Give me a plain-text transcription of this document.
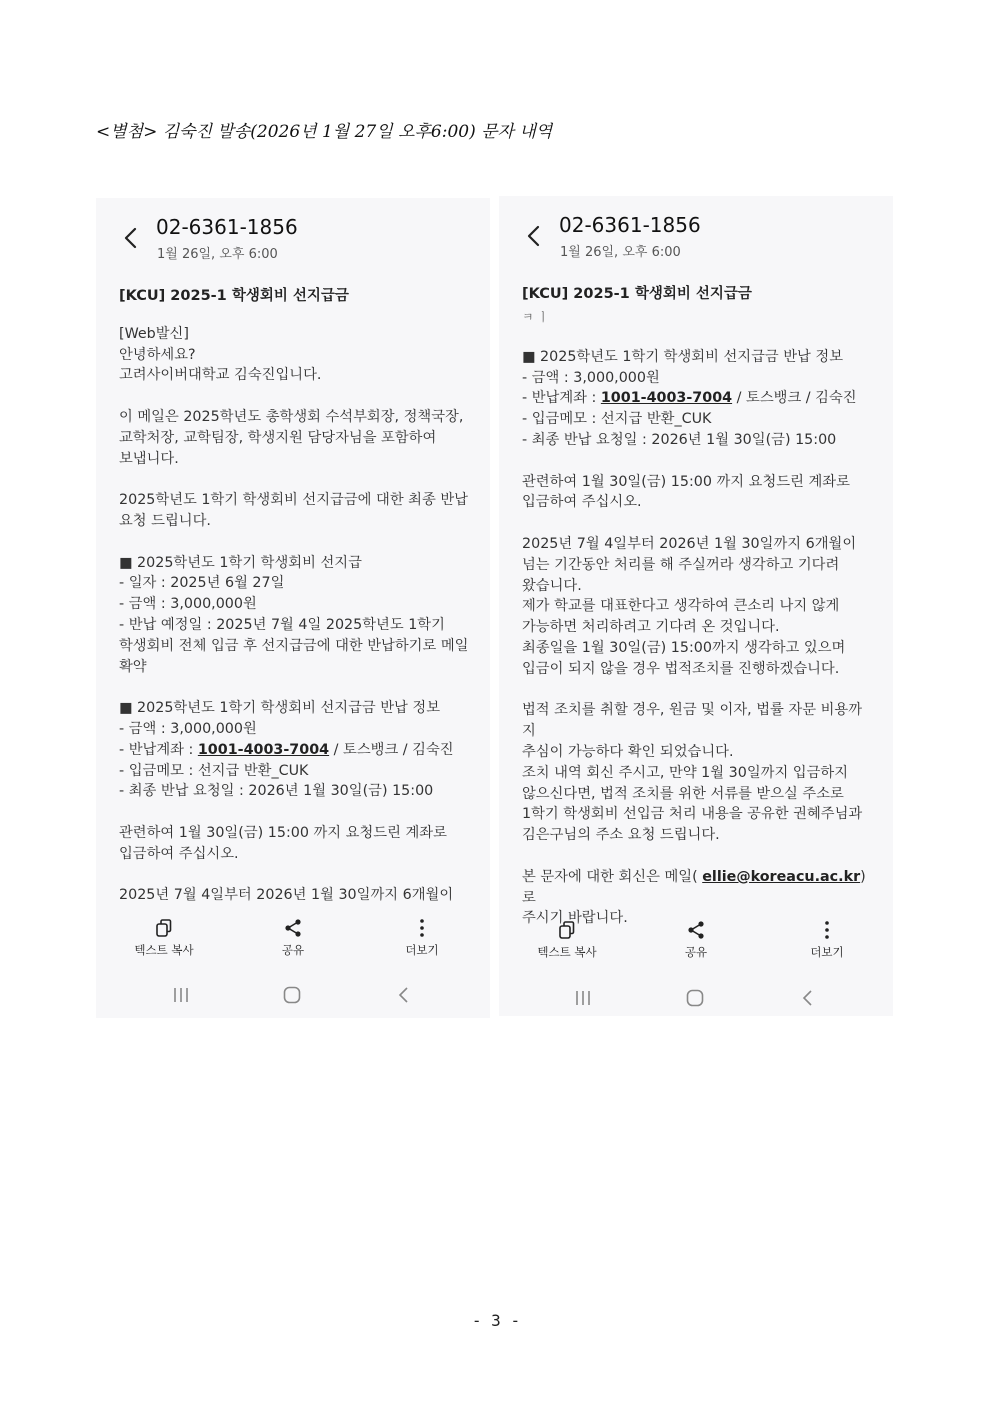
<별첨> 김숙진 발송(2026년 1월 27일 오후6:00) 문자 내역
02-6361-1856
1월 26일, 오후 6:00
[KCU] 2025-1 학생회비 선지급금
[Web발신]
안녕하세요?
고려사이버대학교 김숙진입니다.
이 메일은 2025학년도 총학생회 수석부회장, 정책국장,
교학처장, 교학팀장, 학생지원 담당자님을 포함하여
보냅니다.
2025학년도 1학기 학생회비 선지급금에 대한 최종 반납
요청 드립니다.
■ 2025학년도 1학기 학생회비 선지급
- 일자 : 2025년 6월 27일
- 금액 : 3,000,000원
- 반납 예정일 : 2025년 7월 4일 2025학년도 1학기
학생회비 전체 입금 후 선지급금에 대한 반납하기로 메일
확약
■ 2025학년도 1학기 학생회비 선지급금 반납 정보
- 금액 : 3,000,000원
- 반납계좌 : 1001-4003-7004 / 토스뱅크 / 김숙진
- 입금메모 : 선지급 반환_CUK
- 최종 반납 요청일 : 2026년 1월 30일(금) 15:00
관련하여 1월 30일(금) 15:00 까지 요청드린 계좌로
입금하여 주십시오.
2025년 7월 4일부터 2026년 1월 30일까지 6개월이
텍스트 복사	공유	더보기
02-6361-1856
1월 26일, 오후 6:00
[KCU] 2025-1 학생회비 선지급금
ㅋ ㅣ
■ 2025학년도 1학기 학생회비 선지급금 반납 정보
- 금액 : 3,000,000원
- 반납계좌 : 1001-4003-7004 / 토스뱅크 / 김숙진
- 입금메모 : 선지급 반환_CUK
- 최종 반납 요청일 : 2026년 1월 30일(금) 15:00
관련하여 1월 30일(금) 15:00 까지 요청드린 계좌로
입금하여 주십시오.
2025년 7월 4일부터 2026년 1월 30일까지 6개월이
넘는 기간동안 처리를 해 주실꺼라 생각하고 기다려
왔습니다.
제가 학교를 대표한다고 생각하여 큰소리 나지 않게
가능하면 처리하려고 기다려 온 것입니다.
최종일을 1월 30일(금) 15:00까지 생각하고 있으며
입금이 되지 않을 경우 법적조치를 진행하겠습니다.
법적 조치를 취할 경우, 원금 및 이자, 법률 자문 비용까지
추심이 가능하다 확인 되었습니다.
조치 내역 회신 주시고, 만약 1월 30일까지 입금하지
않으신다면, 법적 조치를 위한 서류를 받으실 주소로
1학기 학생회비 선입금 처리 내용을 공유한 권혜주님과
김은구님의 주소 요청 드립니다.
본 문자에 대한 회신은 메일( ellie@koreacu.ac.kr)로
주시기 바랍니다.
텍스트 복사	공유	더보기
- 3 -
